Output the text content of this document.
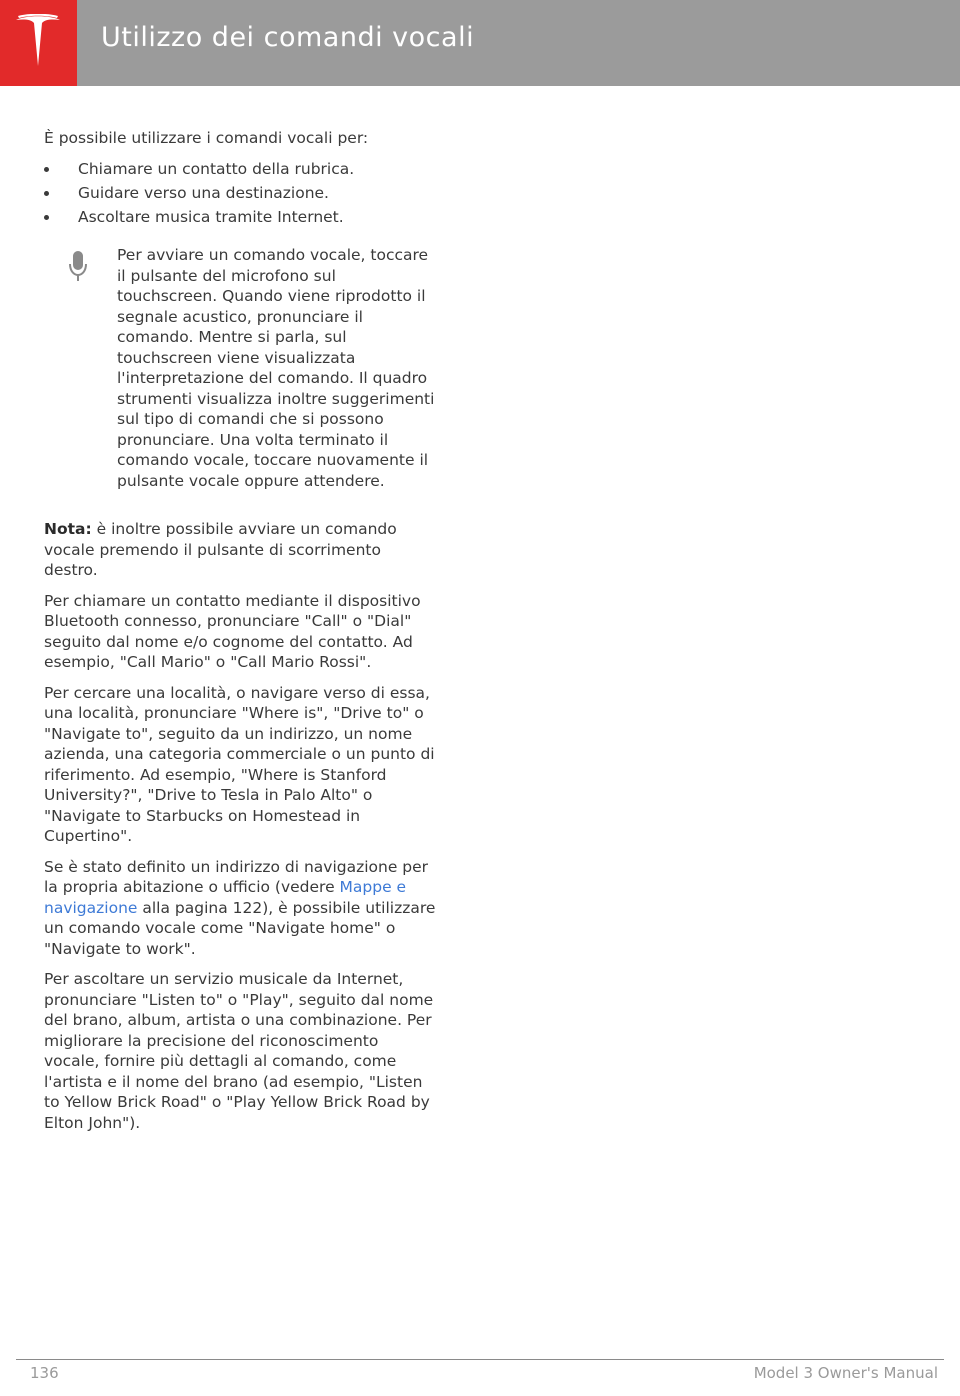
Utilizzo dei comandi vocali

È possibile utilizzare i comandi vocali per:

Chiamare un contatto della rubrica.
Guidare verso una destinazione.
Ascoltare musica tramite Internet.

Per avviare un comando vocale, toccare il pulsante del microfono sul touchscreen. Quando viene riprodotto il segnale acustico, pronunciare il comando. Mentre si parla, sul touchscreen viene visualizzata l'interpretazione del comando. Il quadro strumenti visualizza inoltre suggerimenti sul tipo di comandi che si possono pronunciare. Una volta terminato il comando vocale, toccare nuovamente il pulsante vocale oppure attendere.

Nota: è inoltre possibile avviare un comando vocale premendo il pulsante di scorrimento destro.

Per chiamare un contatto mediante il dispositivo Bluetooth connesso, pronunciare "Call" o "Dial" seguito dal nome e/o cognome del contatto. Ad esempio, "Call Mario" o "Call Mario Rossi".

Per cercare una località, o navigare verso di essa, una località, pronunciare "Where is", "Drive to" o "Navigate to", seguito da un indirizzo, un nome azienda, una categoria commerciale o un punto di riferimento. Ad esempio, "Where is Stanford University?", "Drive to Tesla in Palo Alto" o "Navigate to Starbucks on Homestead in Cupertino".

Se è stato definito un indirizzo di navigazione per la propria abitazione o ufficio (vedere Mappe e navigazione alla pagina 122), è possibile utilizzare un comando vocale come "Navigate home" o "Navigate to work".

Per ascoltare un servizio musicale da Internet, pronunciare "Listen to" o "Play", seguito dal nome del brano, album, artista o una combinazione. Per migliorare la precisione del riconoscimento vocale, fornire più dettagli al comando, come l'artista e il nome del brano (ad esempio, "Listen to Yellow Brick Road" o "Play Yellow Brick Road by Elton John").

136	Model 3 Owner's Manual
